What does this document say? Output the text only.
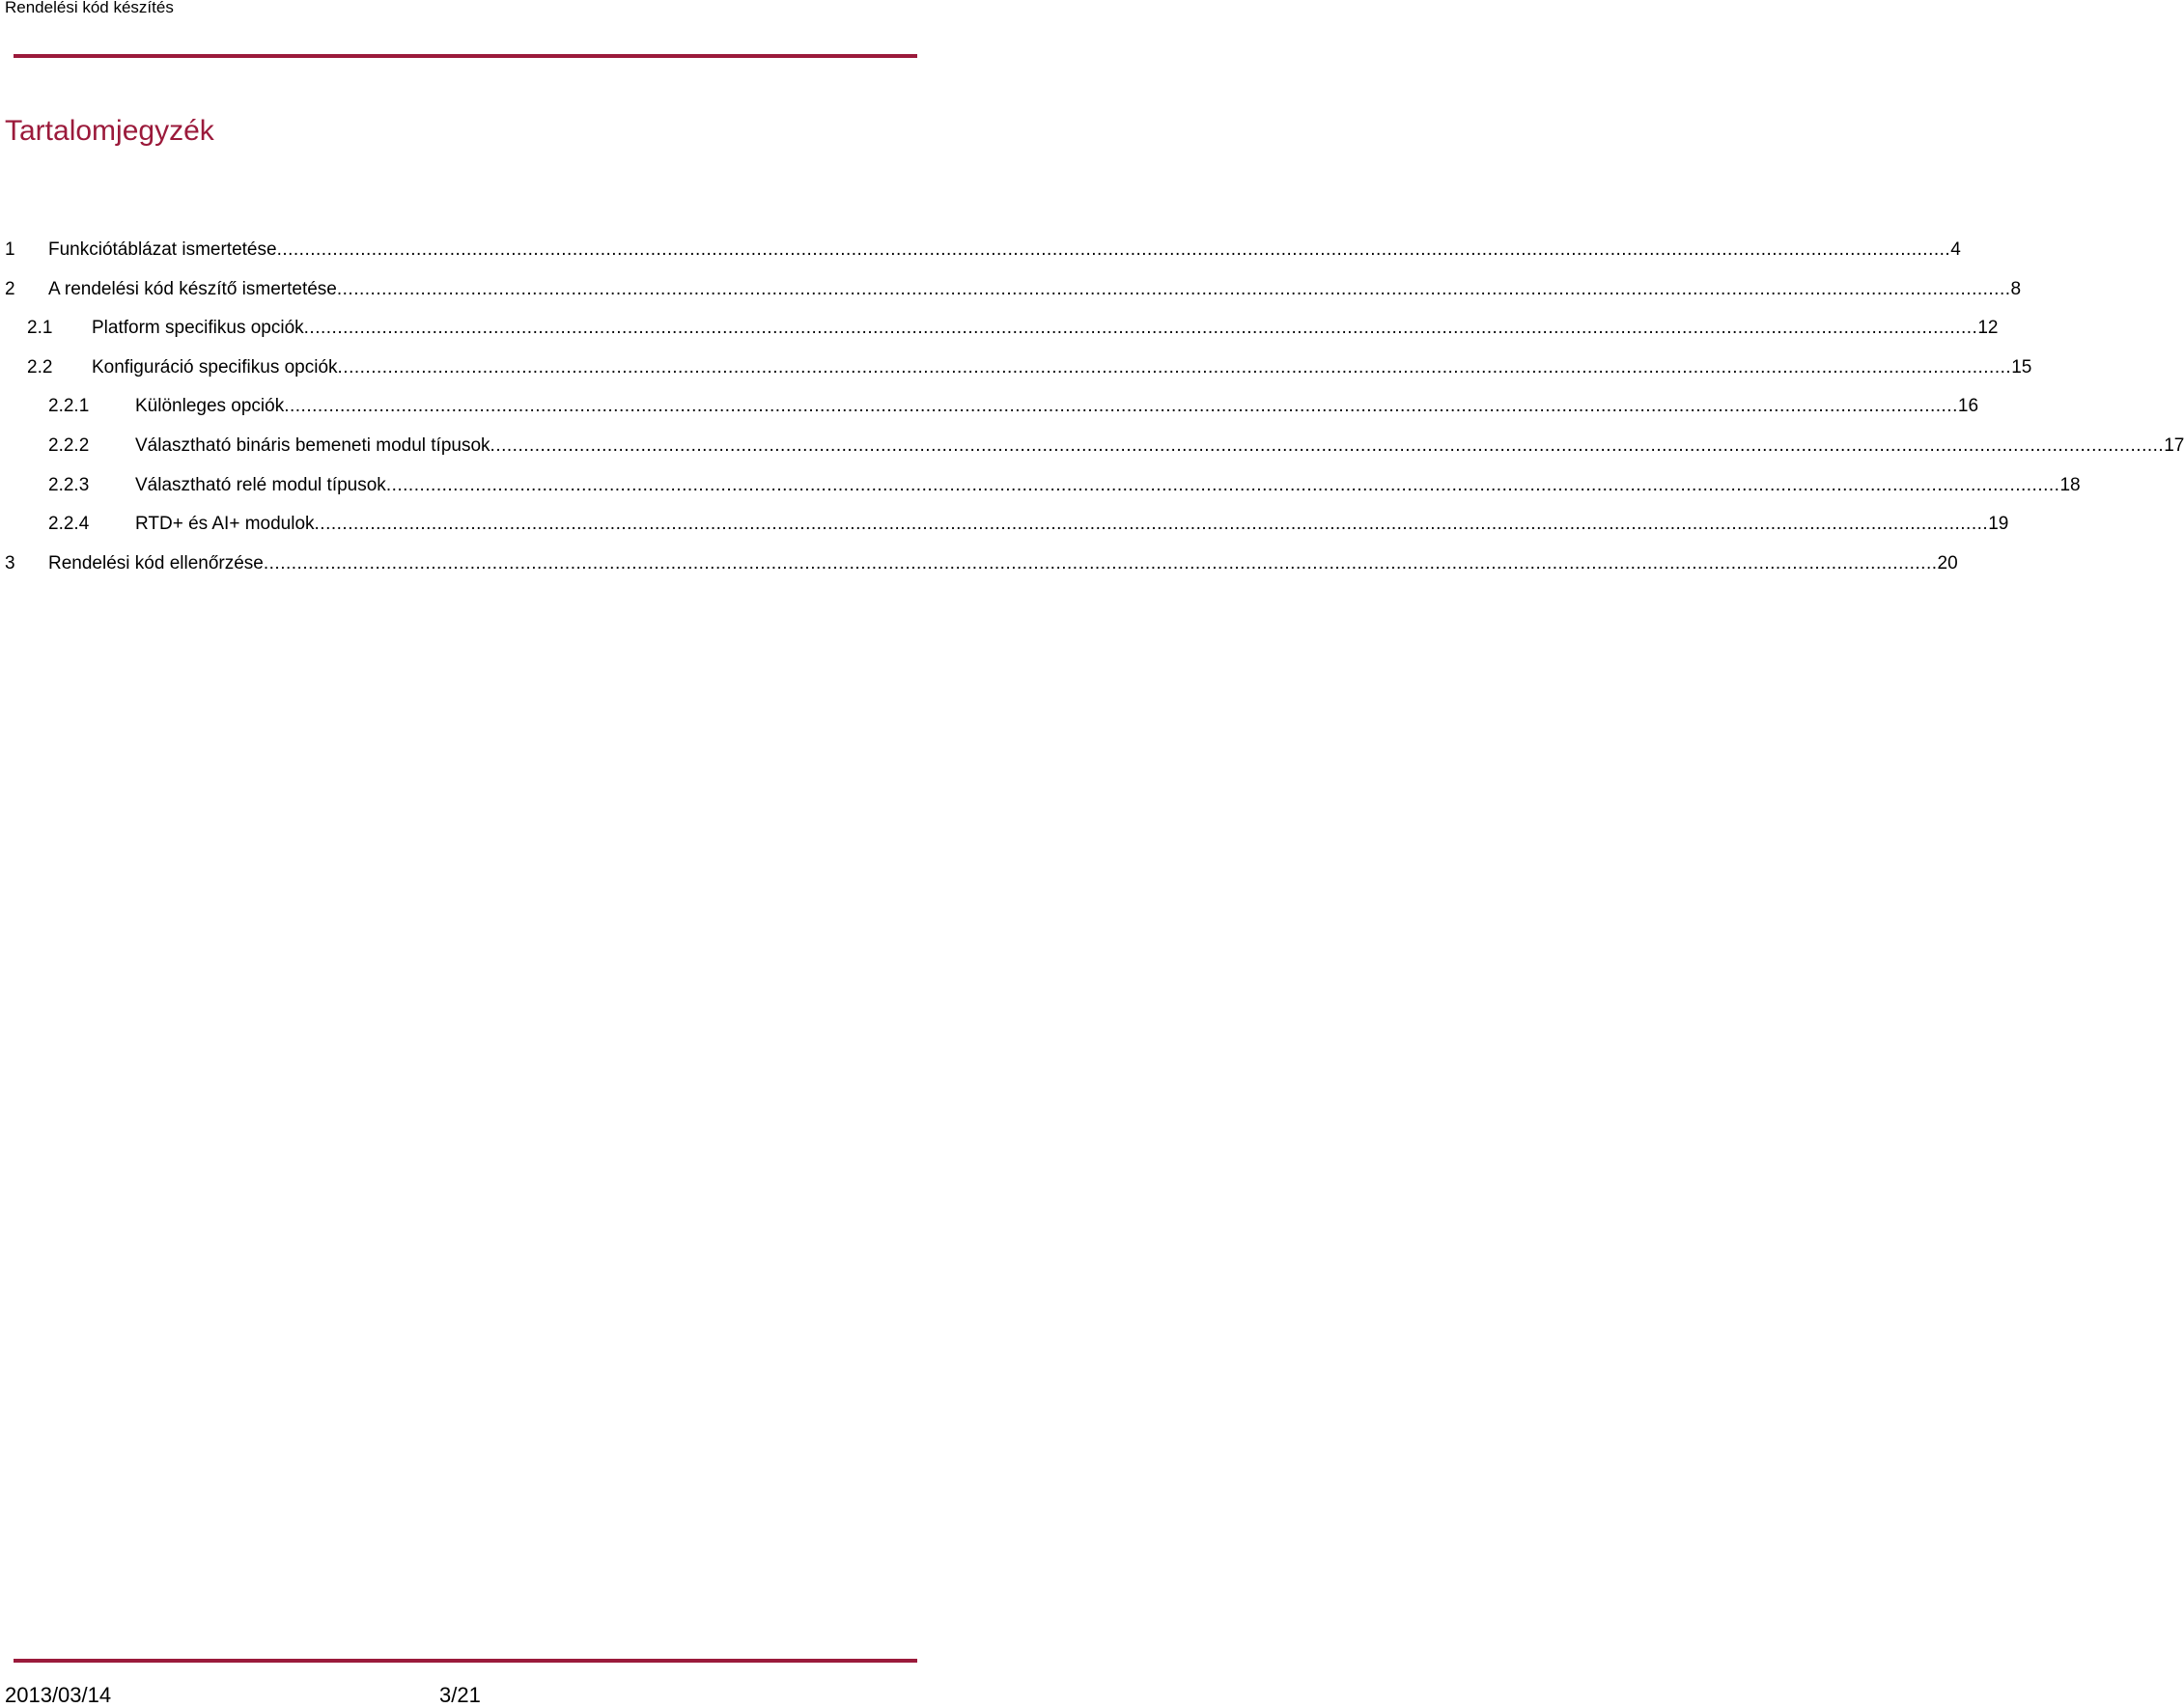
Rendelési kód készítés
Tartalomjegyzék
1	Funkciótáblázat ismertetése ............................................................................................................................................................................................................................................................................................................ 4
2	A rendelési kód készítő ismertetése ............................................................................................................................................................................................................................................................................................................ 8
2.1	Platform specifikus opciók ............................................................................................................................................................................................................................................................................................................ 12
2.2	Konfiguráció specifikus opciók ............................................................................................................................................................................................................................................................................................................ 15
2.2.1	Különleges opciók ............................................................................................................................................................................................................................................................................................................ 16
2.2.2	Választható bináris bemeneti modul típusok ............................................................................................................................................................................................................................................................................................................ 17
2.2.3	Választható relé modul típusok ............................................................................................................................................................................................................................................................................................................ 18
2.2.4	RTD+ és AI+ modulok ............................................................................................................................................................................................................................................................................................................ 19
3	Rendelési kód ellenőrzése ............................................................................................................................................................................................................................................................................................................ 20
2013/03/14	3/21
